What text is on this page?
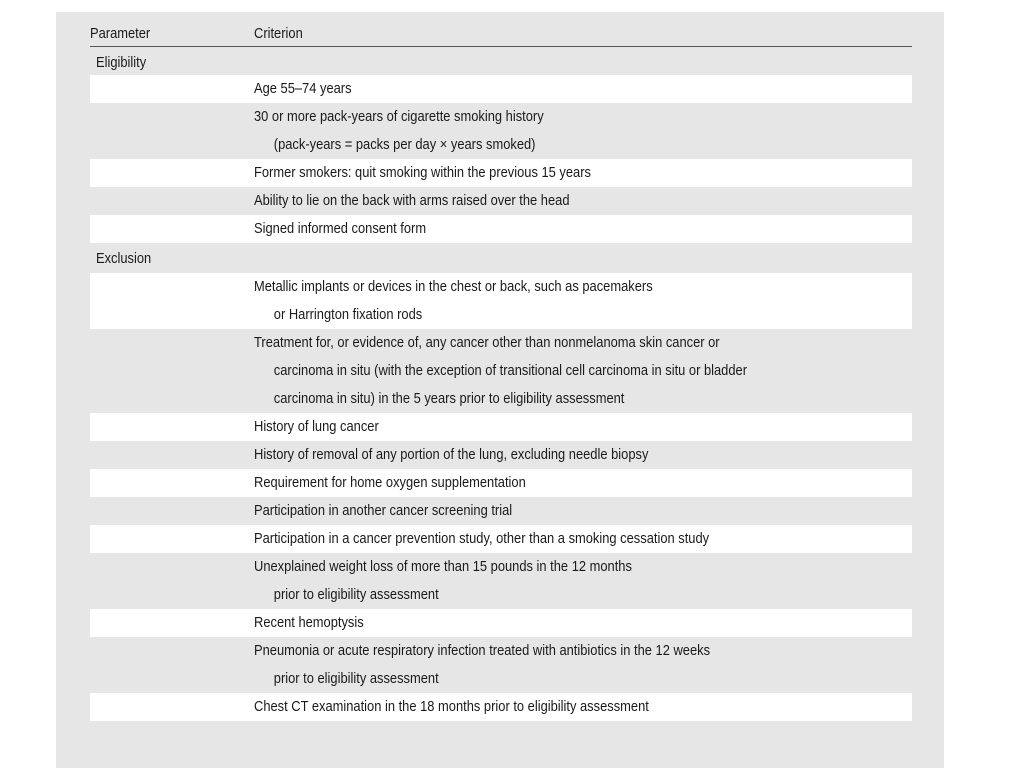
Parameter	Criterion
Eligibility
Age 55–74 years
30 or more pack-years of cigarette smoking history
(pack-years = packs per day × years smoked)
Former smokers: quit smoking within the previous 15 years
Ability to lie on the back with arms raised over the head
Signed informed consent form
Exclusion
Metallic implants or devices in the chest or back, such as pacemakers
or Harrington fixation rods
Treatment for, or evidence of, any cancer other than nonmelanoma skin cancer or
carcinoma in situ (with the exception of transitional cell carcinoma in situ or bladder
carcinoma in situ) in the 5 years prior to eligibility assessment
History of lung cancer
History of removal of any portion of the lung, excluding needle biopsy
Requirement for home oxygen supplementation
Participation in another cancer screening trial
Participation in a cancer prevention study, other than a smoking cessation study
Unexplained weight loss of more than 15 pounds in the 12 months
prior to eligibility assessment
Recent hemoptysis
Pneumonia or acute respiratory infection treated with antibiotics in the 12 weeks
prior to eligibility assessment
Chest CT examination in the 18 months prior to eligibility assessment
